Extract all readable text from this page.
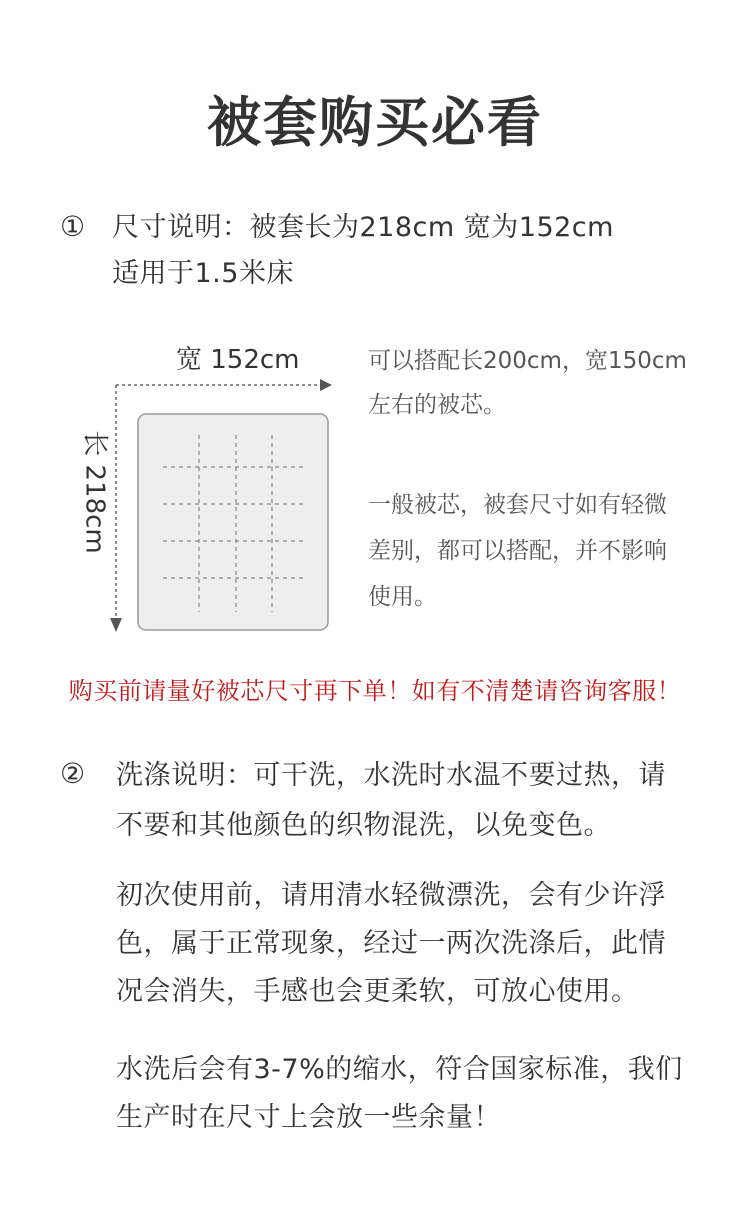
被套购买必看
① 尺寸说明：被套长为218cm 宽为152cm
适用于1.5米床
宽 152cm
长 218cm
可以搭配长200cm，宽150cm
左右的被芯。
一般被芯，被套尺寸如有轻微
差别，都可以搭配，并不影响
使用。
购买前请量好被芯尺寸再下单！如有不清楚请咨询客服！
② 洗涤说明：可干洗，水洗时水温不要过热，请
不要和其他颜色的织物混洗，以免变色。
初次使用前，请用清水轻微漂洗，会有少许浮
色，属于正常现象，经过一两次洗涤后，此情
况会消失，手感也会更柔软，可放心使用。
水洗后会有3-7%的缩水，符合国家标准，我们
生产时在尺寸上会放一些余量！
